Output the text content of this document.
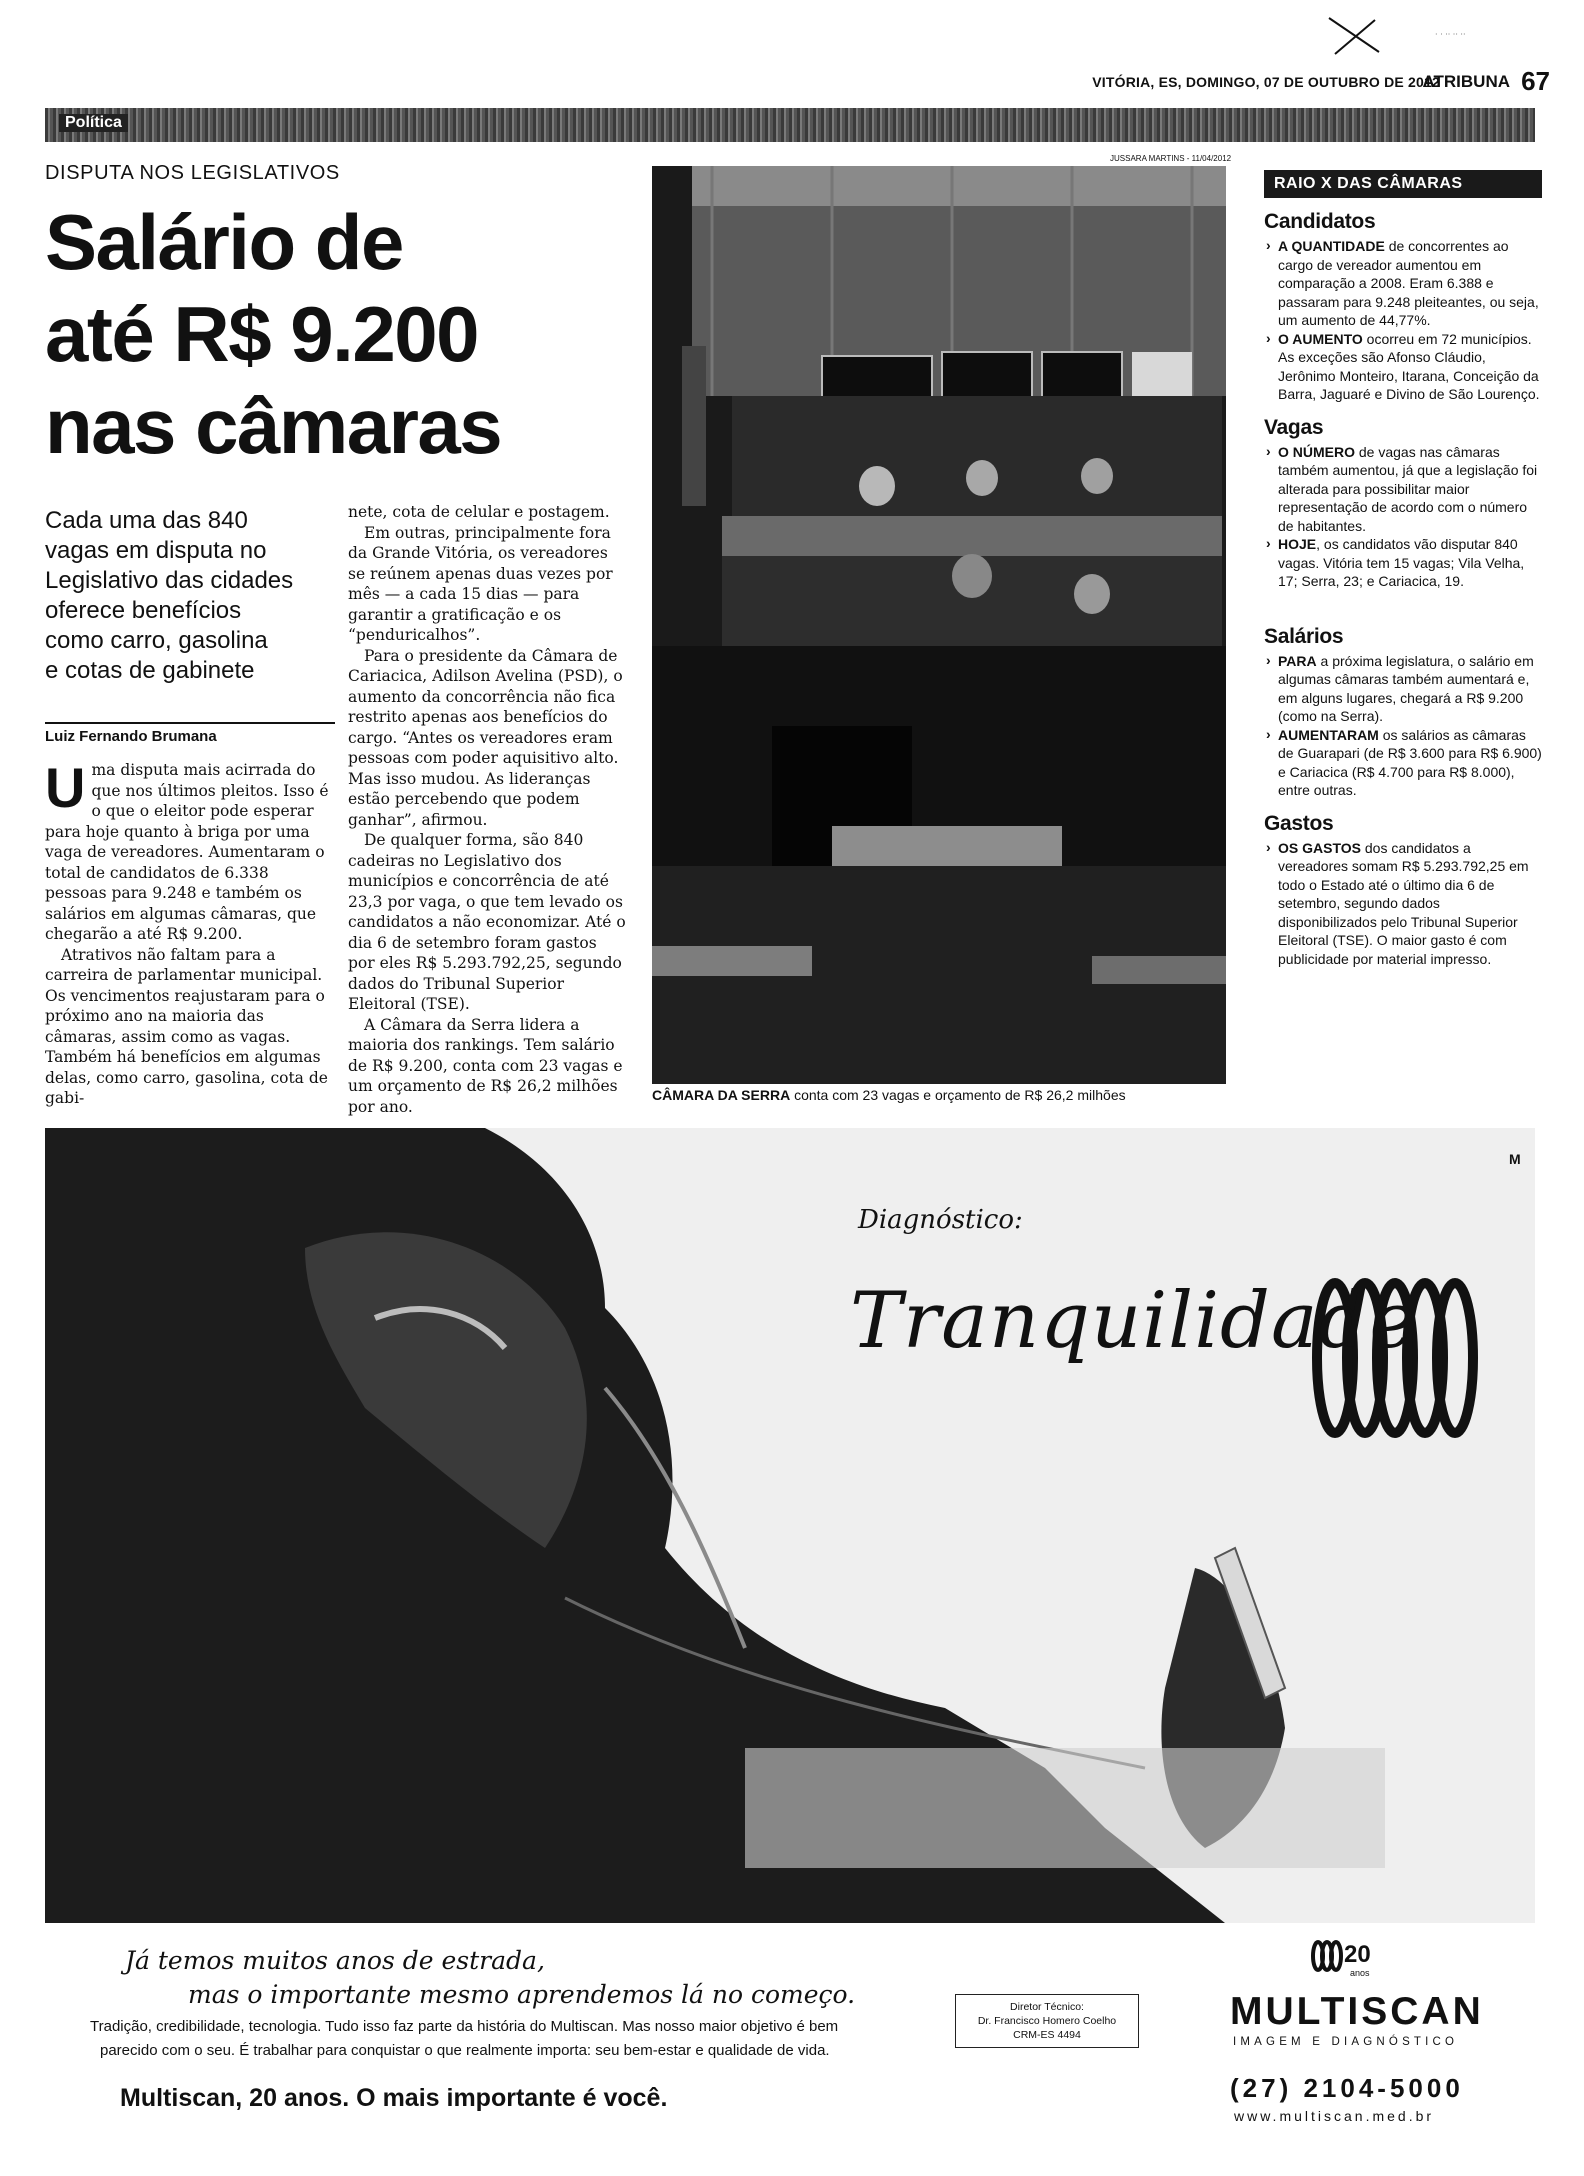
· · ·· ·· ··
VITÓRIA, ES, DOMINGO, 07 DE OUTUBRO DE 2012
ATRIBUNA 67
Política
DISPUTA NOS LEGISLATIVOS
Salário de
até R$ 9.200
nas câmaras
Cada uma das 840
vagas em disputa no
Legislativo das cidades
oferece benefícios
como carro, gasolina
e cotas de gabinete
Luiz Fernando Brumana

Uma disputa mais acirrada do que nos últimos pleitos. Isso é o que o eleitor pode esperar para hoje quanto à briga por uma vaga de vereadores. Aumentaram o total de candidatos de 6.338 pessoas para 9.248 e também os salários em algumas câmaras, que chegarão a até R$ 9.200.

Atrativos não faltam para a carreira de parlamentar municipal. Os vencimentos reajustaram para o próximo ano na maioria das câmaras, assim como as vagas. Também há benefícios em algumas delas, como carro, gasolina, cota de gabi-

nete, cota de celular e postagem.

Em outras, principalmente fora da Grande Vitória, os vereadores se reúnem apenas duas vezes por mês — a cada 15 dias — para garantir a gratificação e os “penduricalhos”.

Para o presidente da Câmara de Cariacica, Adilson Avelina (PSD), o aumento da concorrência não fica restrito apenas aos benefícios do cargo. “Antes os vereadores eram pessoas com poder aquisitivo alto. Mas isso mudou. As lideranças estão percebendo que podem ganhar”, afirmou.

De qualquer forma, são 840 cadeiras no Legislativo dos municípios e concorrência de até 23,3 por vaga, o que tem levado os candidatos a não economizar. Até o dia 6 de setembro foram gastos por eles R$ 5.293.792,25, segundo dados do Tribunal Superior Eleitoral (TSE).

A Câmara da Serra lidera a maioria dos rankings. Tem salário de R$ 9.200, conta com 23 vagas e um orçamento de R$ 26,2 milhões por ano.

JUSSARA MARTINS - 11/04/2012
CÂMARA DA SERRA conta com 23 vagas e orçamento de R$ 26,2 milhões
RAIO X DAS CÂMARAS
Candidatos
› A QUANTIDADE de concorrentes ao cargo de vereador aumentou em comparação a 2008. Eram 6.388 e passaram para 9.248 pleiteantes, ou seja, um aumento de 44,77%.
› O AUMENTO ocorreu em 72 municípios. As exceções são Afonso Cláudio, Jerônimo Monteiro, Itarana, Conceição da Barra, Jaguaré e Divino de São Lourenço.
Vagas
› O NÚMERO de vagas nas câmaras também aumentou, já que a legislação foi alterada para possibilitar maior representação de acordo com o número de habitantes.
› HOJE, os candidatos vão disputar 840 vagas. Vitória tem 15 vagas; Vila Velha, 17; Serra, 23; e Cariacica, 19.
Salários
› PARA a próxima legislatura, o salário em algumas câmaras também aumentará e, em alguns lugares, chegará a R$ 9.200 (como na Serra).
› AUMENTARAM os salários as câmaras de Guarapari (de R$ 3.600 para R$ 6.900) e Cariacica (R$ 4.700 para R$ 8.000), entre outras.
Gastos
› OS GASTOS dos candidatos a vereadores somam R$ 5.293.792,25 em todo o Estado até o último dia 6 de setembro, segundo dados disponibilizados pelo Tribunal Superior Eleitoral (TSE). O maior gasto é com publicidade por material impresso.
M
Diagnóstico:
Tranquilidade
Já temos muitos anos de estrada,
mas o importante mesmo aprendemos lá no começo.
Tradição, credibilidade, tecnologia. Tudo isso faz parte da história do Multiscan. Mas nosso maior objetivo é bem
parecido com o seu. É trabalhar para conquistar o que realmente importa: seu bem-estar e qualidade de vida.
Multiscan, 20 anos. O mais importante é você.
Diretor Técnico:
Dr. Francisco Homero Coelho
CRM-ES 4494
20
anos
MULTISCAN
IMAGEM E DIAGNÓSTICO
(27) 2104-5000
www.multiscan.med.br
